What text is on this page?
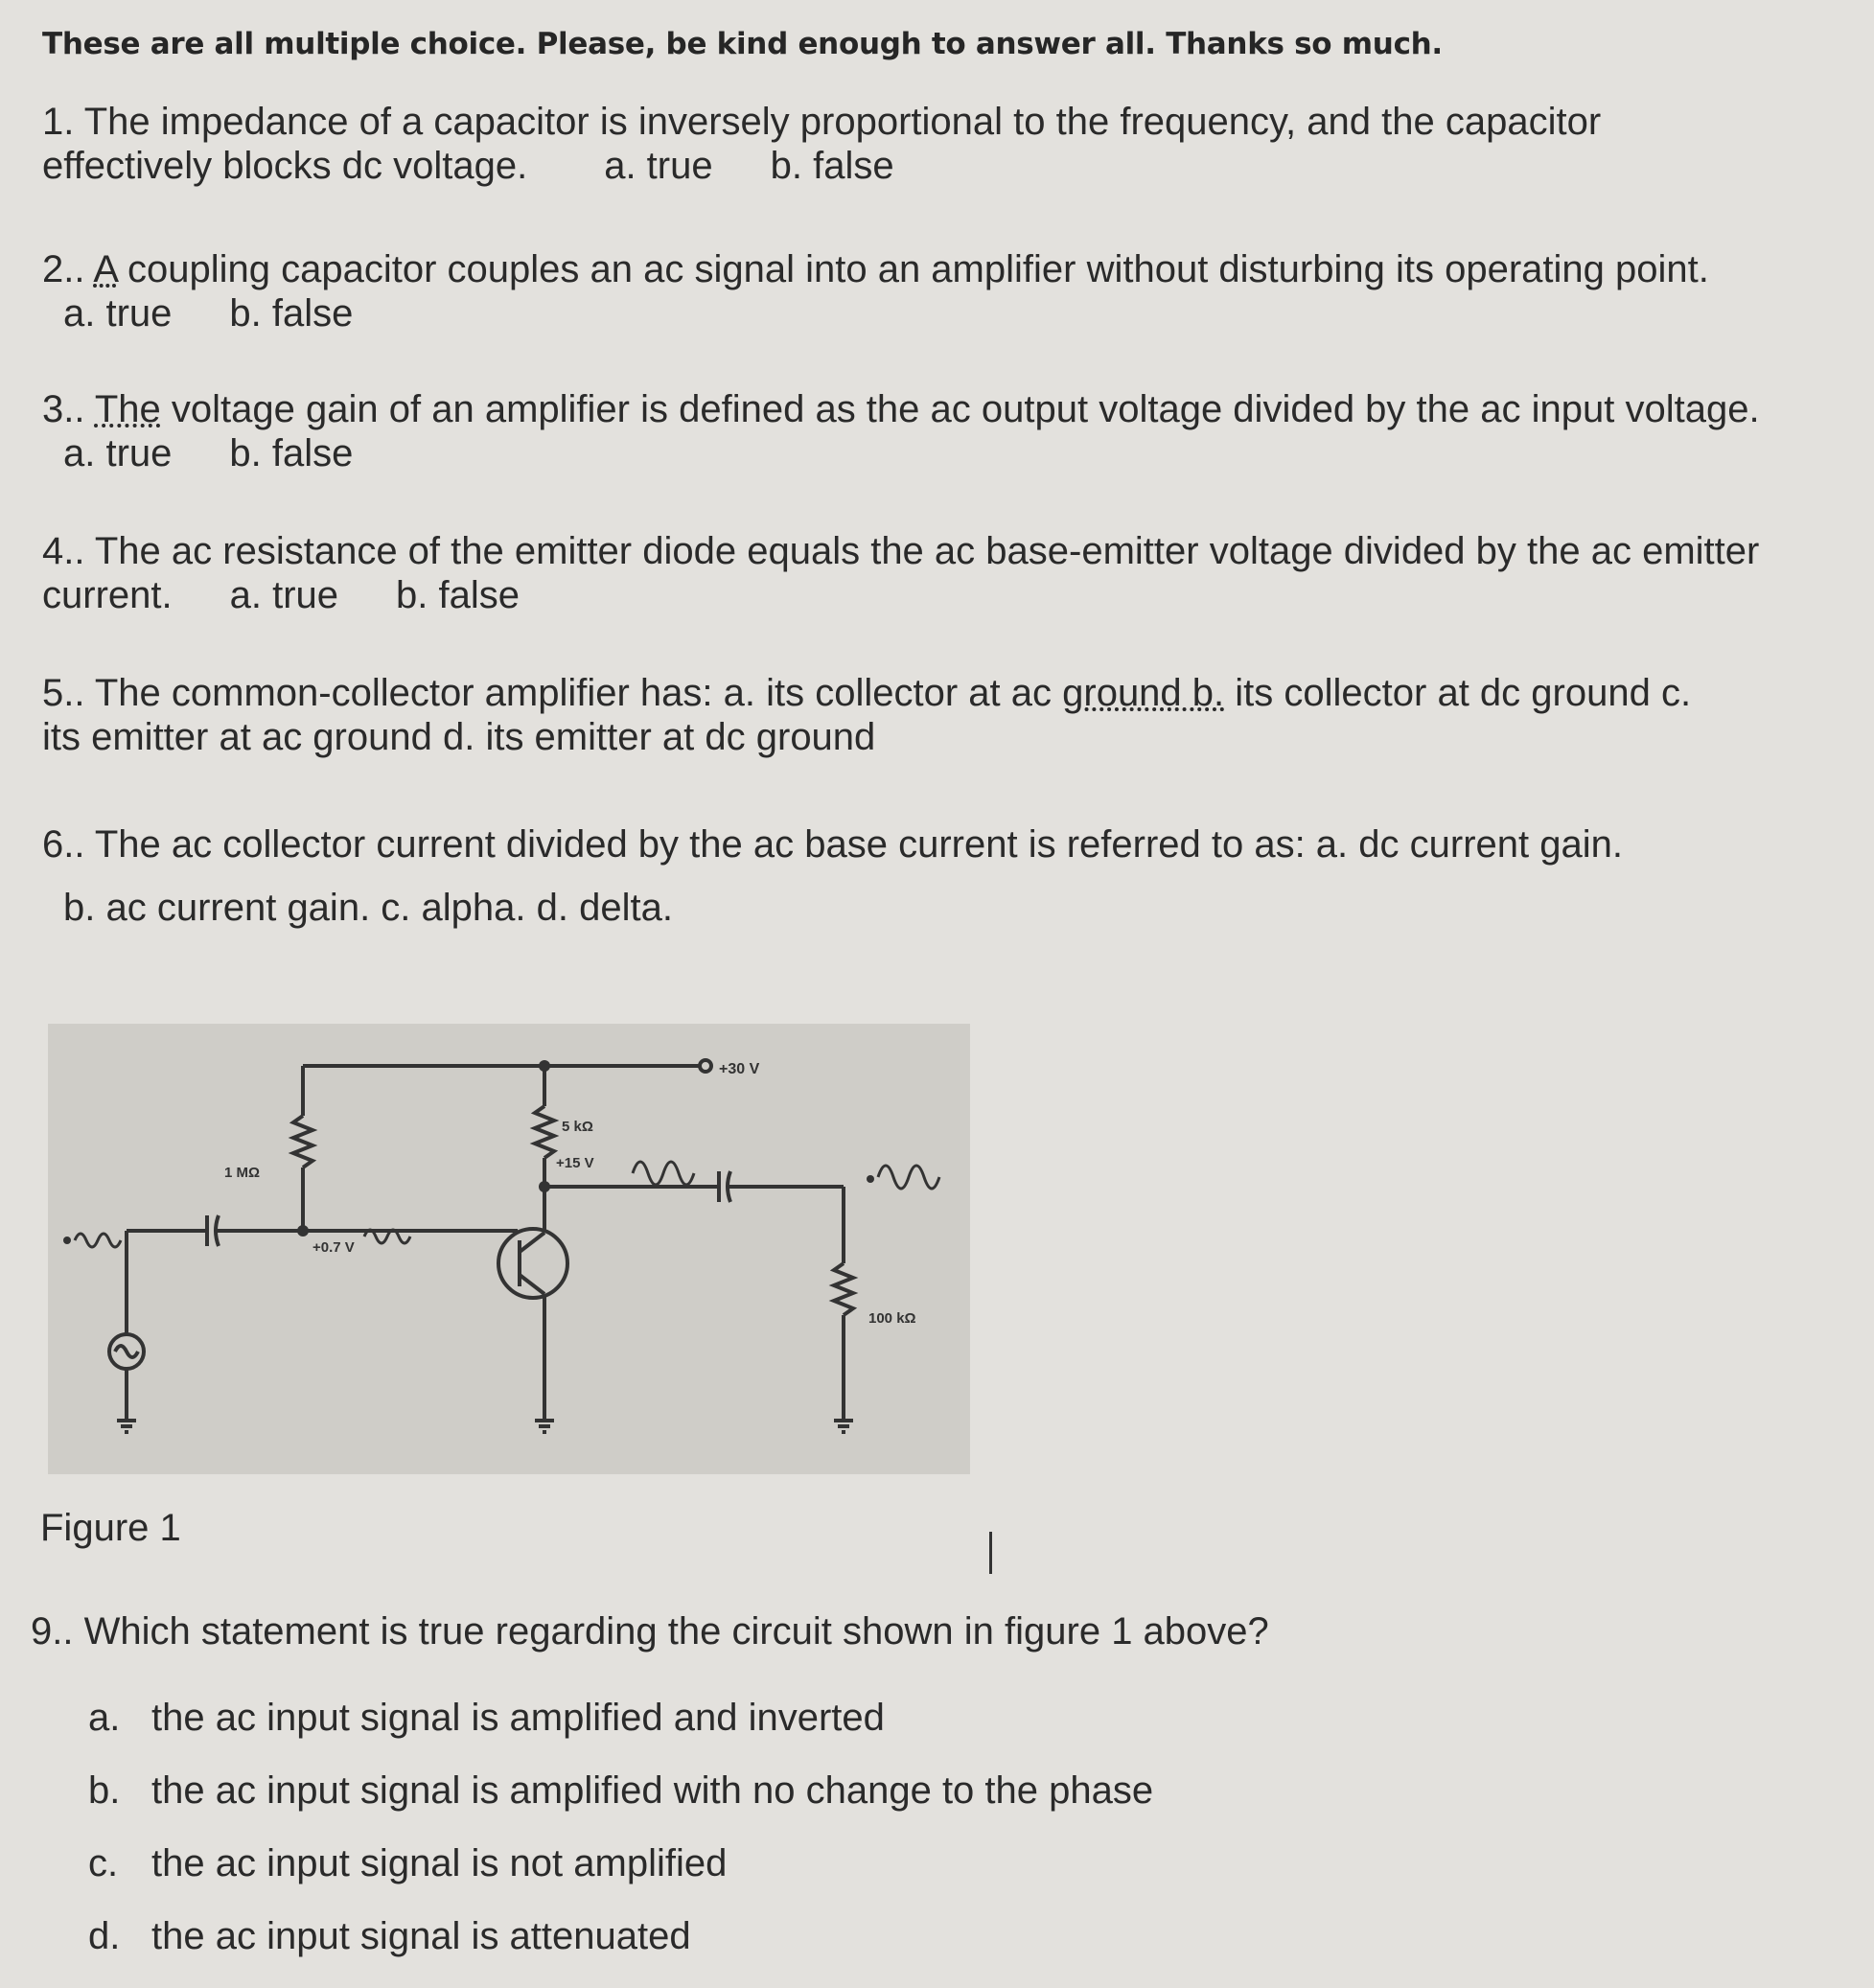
These are all multiple choice. Please, be kind enough to answer all. Thanks so much.
1. The impedance of a capacitor is inversely proportional to the frequency, and the capacitor
effectively blocks dc voltage. a. true b. false
2.. A coupling capacitor couples an ac signal into an amplifier without disturbing its operating point.
a. true b. false
3.. The voltage gain of an amplifier is defined as the ac output voltage divided by the ac input voltage.
a. true b. false
4.. The ac resistance of the emitter diode equals the ac base-emitter voltage divided by the ac emitter
current. a. true b. false
5.. The common-collector amplifier has: a. its collector at ac ground b. its collector at dc ground c.
its emitter at ac ground d. its emitter at dc ground
6.. The ac collector current divided by the ac base current is referred to as: a. dc current gain.
b. ac current gain. c. alpha. d. delta.
+30 V
1 MΩ
5 kΩ
+15 V
+0.7 V
100 kΩ
Figure 1
9.. Which statement is true regarding the circuit shown in figure 1 above?
a. the ac input signal is amplified and inverted
b. the ac input signal is amplified with no change to the phase
c. the ac input signal is not amplified
d. the ac input signal is attenuated
